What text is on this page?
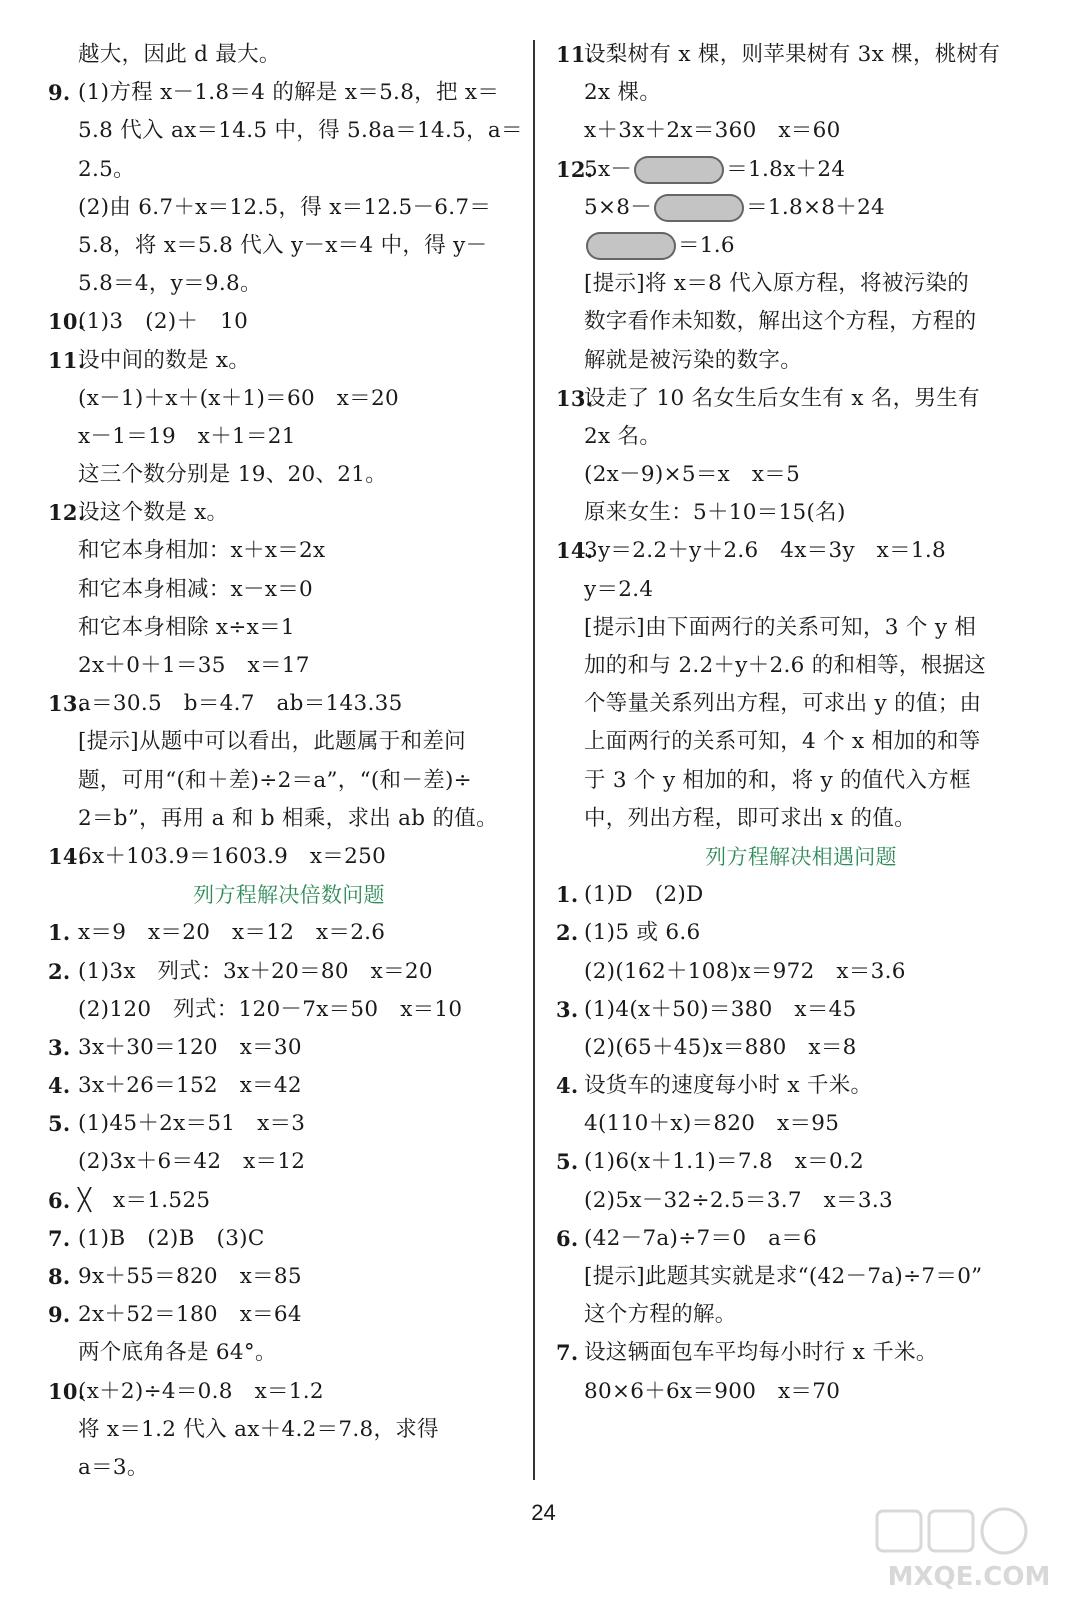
越大，因此 d 最大。
9. (1)方程 x－1.8＝4 的解是 x＝5.8，把 x＝
5.8 代入 ax＝14.5 中，得 5.8a＝14.5，a＝
2.5。
(2)由 6.7＋x＝12.5，得 x＝12.5－6.7＝
5.8，将 x＝5.8 代入 y－x＝4 中，得 y－
5.8＝4，y＝9.8。
10.
(1)3　(2)＋　10
11.
设中间的数是 x。
(x－1)＋x＋(x＋1)＝60　x＝20
x－1＝19　x＋1＝21
这三个数分别是 19、20、21。
12.
设这个数是 x。
和它本身相加：x＋x＝2x
和它本身相减：x－x＝0
和它本身相除 x÷x＝1
2x＋0＋1＝35　x＝17
13.
a＝30.5　b＝4.7　ab＝143.35
[提示]从题中可以看出，此题属于和差问
题，可用“(和＋差)÷2＝a”，“(和－差)÷
2＝b”，再用 a 和 b 相乘，求出 ab 的值。
14.
6x＋103.9＝1603.9　x＝250
列方程解决倍数问题
1. x＝9　x＝20　x＝12　x＝2.6
2. (1)3x　列式：3x＋20＝80　x＝20
(2)120　列式：120－7x＝50　x＝10
3. 3x＋30＝120　x＝30
4. 3x＋26＝152　x＝42
5. (1)45＋2x＝51　x＝3
(2)3x＋6＝42　x＝12
6. ╳　x＝1.525
7. (1)B　(2)B　(3)C
8. 9x＋55＝820　x＝85
9. 2x＋52＝180　x＝64
两个底角各是 64°。
10.
(x＋2)÷4＝0.8　x＝1.2
将 x＝1.2 代入 ax＋4.2＝7.8，求得
a＝3。
11.
设梨树有 x 棵，则苹果树有 3x 棵，桃树有
2x 棵。
x＋3x＋2x＝360　x＝60
12.
5x－	＝1.8x＋24
5×8－	＝1.8×8＋24
＝1.6
[提示]将 x＝8 代入原方程，将被污染的
数字看作未知数，解出这个方程，方程的
解就是被污染的数字。
13.
设走了 10 名女生后女生有 x 名，男生有
2x 名。
(2x－9)×5＝x　x＝5
原来女生：5＋10＝15(名)
14.
3y＝2.2＋y＋2.6　4x＝3y　x＝1.8
y＝2.4
[提示]由下面两行的关系可知，3 个 y 相
加的和与 2.2＋y＋2.6 的和相等，根据这
个等量关系列出方程，可求出 y 的值；由
上面两行的关系可知，4 个 x 相加的和等
于 3 个 y 相加的和，将 y 的值代入方框
中，列出方程，即可求出 x 的值。
列方程解决相遇问题
1. (1)D　(2)D
2. (1)5 或 6.6
(2)(162＋108)x＝972　x＝3.6
3. (1)4(x＋50)＝380　x＝45
(2)(65＋45)x＝880　x＝8
4. 设货车的速度每小时 x 千米。
4(110＋x)＝820　x＝95
5. (1)6(x＋1.1)＝7.8　x＝0.2
(2)5x－32÷2.5＝3.7　x＝3.3
6. (42－7a)÷7＝0　a＝6
[提示]此题其实就是求“(42－7a)÷7＝0”
这个方程的解。
7. 设这辆面包车平均每小时行 x 千米。
80×6＋6x＝900　x＝70
24
MXQE.COM
